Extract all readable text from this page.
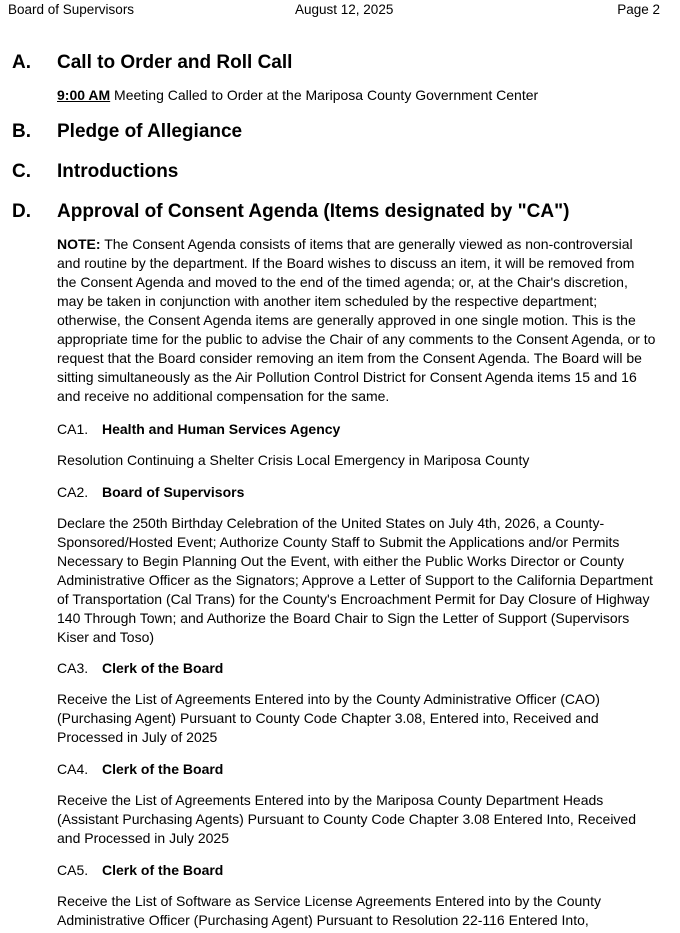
Board of Supervisors	August 12, 2025	Page 2
A. Call to Order and Roll Call
9:00 AM Meeting Called to Order at the Mariposa County Government Center
B. Pledge of Allegiance
C. Introductions
D. Approval of Consent Agenda (Items designated by "CA")
NOTE: The Consent Agenda consists of items that are generally viewed as non-controversial and routine by the department. If the Board wishes to discuss an item, it will be removed from the Consent Agenda and moved to the end of the timed agenda; or, at the Chair's discretion, may be taken in conjunction with another item scheduled by the respective department; otherwise, the Consent Agenda items are generally approved in one single motion. This is the appropriate time for the public to advise the Chair of any comments to the Consent Agenda, or to request that the Board consider removing an item from the Consent Agenda. The Board will be sitting simultaneously as the Air Pollution Control District for Consent Agenda items 15 and 16 and receive no additional compensation for the same.
CA1. Health and Human Services Agency
Resolution Continuing a Shelter Crisis Local Emergency in Mariposa County
CA2. Board of Supervisors
Declare the 250th Birthday Celebration of the United States on July 4th, 2026, a County-Sponsored/Hosted Event; Authorize County Staff to Submit the Applications and/or Permits Necessary to Begin Planning Out the Event, with either the Public Works Director or County Administrative Officer as the Signators; Approve a Letter of Support to the California Department of Transportation (Cal Trans) for the County's Encroachment Permit for Day Closure of Highway 140 Through Town; and Authorize the Board Chair to Sign the Letter of Support (Supervisors Kiser and Toso)
CA3. Clerk of the Board
Receive the List of Agreements Entered into by the County Administrative Officer (CAO) (Purchasing Agent) Pursuant to County Code Chapter 3.08, Entered into, Received and Processed in July of 2025
CA4. Clerk of the Board
Receive the List of Agreements Entered into by the Mariposa County Department Heads (Assistant Purchasing Agents) Pursuant to County Code Chapter 3.08 Entered Into, Received and Processed in July 2025
CA5. Clerk of the Board
Receive the List of Software as Service License Agreements Entered into by the County Administrative Officer (Purchasing Agent) Pursuant to Resolution 22-116 Entered Into,
